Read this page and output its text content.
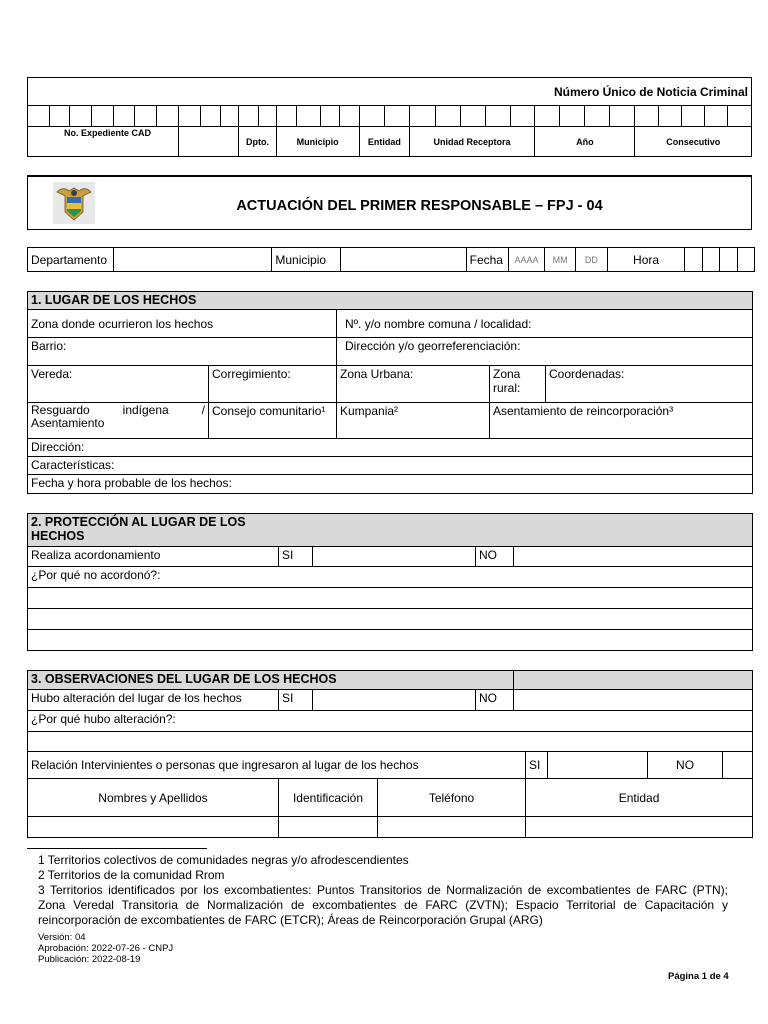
Número Único de Noticia Criminal																															

No. Expediente CAD										Dpto.		Municipio				Entidad		Unidad Receptora					Año				Consecutivo				
ACTUACIÓN DEL PRIMER RESPONSABLE – FPJ - 04
Departamento		Municipio		Fecha	AAAA	MM	DD	Hora				
1. LUGAR DE LOS HECHOS				
Zona donde ocurrieron los hechos		Nº. y/o nombre comuna / localidad:		
Barrio:		Dirección y/o georreferenciación:		
Vereda:	Corregimiento:	Zona Urbana:	Zona rural:	Coordenadas:
Resguardo indígena / Asentamiento	Consejo comunitario¹	Kumpania²	Asentamiento de reincorporación³	
Dirección:				
Características:				
Fecha y hora probable de los hechos:				
2. PROTECCIÓN AL LUGAR DE LOS HECHOS

Realiza acordonamiento	SI		NO	
¿Por qué no acordonó?:

3. OBSERVACIONES DEL LUGAR DE LOS HECHOS									
Hubo alteración del lugar de los hechos	SI			NO					
¿Por qué hubo alteración?:									

Relación Intervinientes o personas que ingresaron al lugar de los hechos						SI		NO	
Nombres y Apellidos	Identificación		Teléfono			Entidad			

1 Territorios colectivos de comunidades negras y/o afrodescendientes
2 Territorios de la comunidad Rrom
3 Territorios identificados por los excombatientes: Puntos Transitorios de Normalización de excombatientes de FARC (PTN); Zona Veredal Transitoria de Normalización de excombatientes de FARC (ZVTN); Espacio Territorial de Capacitación y reincorporación de excombatientes de FARC (ETCR); Áreas de Reincorporación Grupal (ARG)
Versión: 04
Aprobación: 2022-07-26 - CNPJ
Publicación: 2022-08-19
Página 1 de 4
